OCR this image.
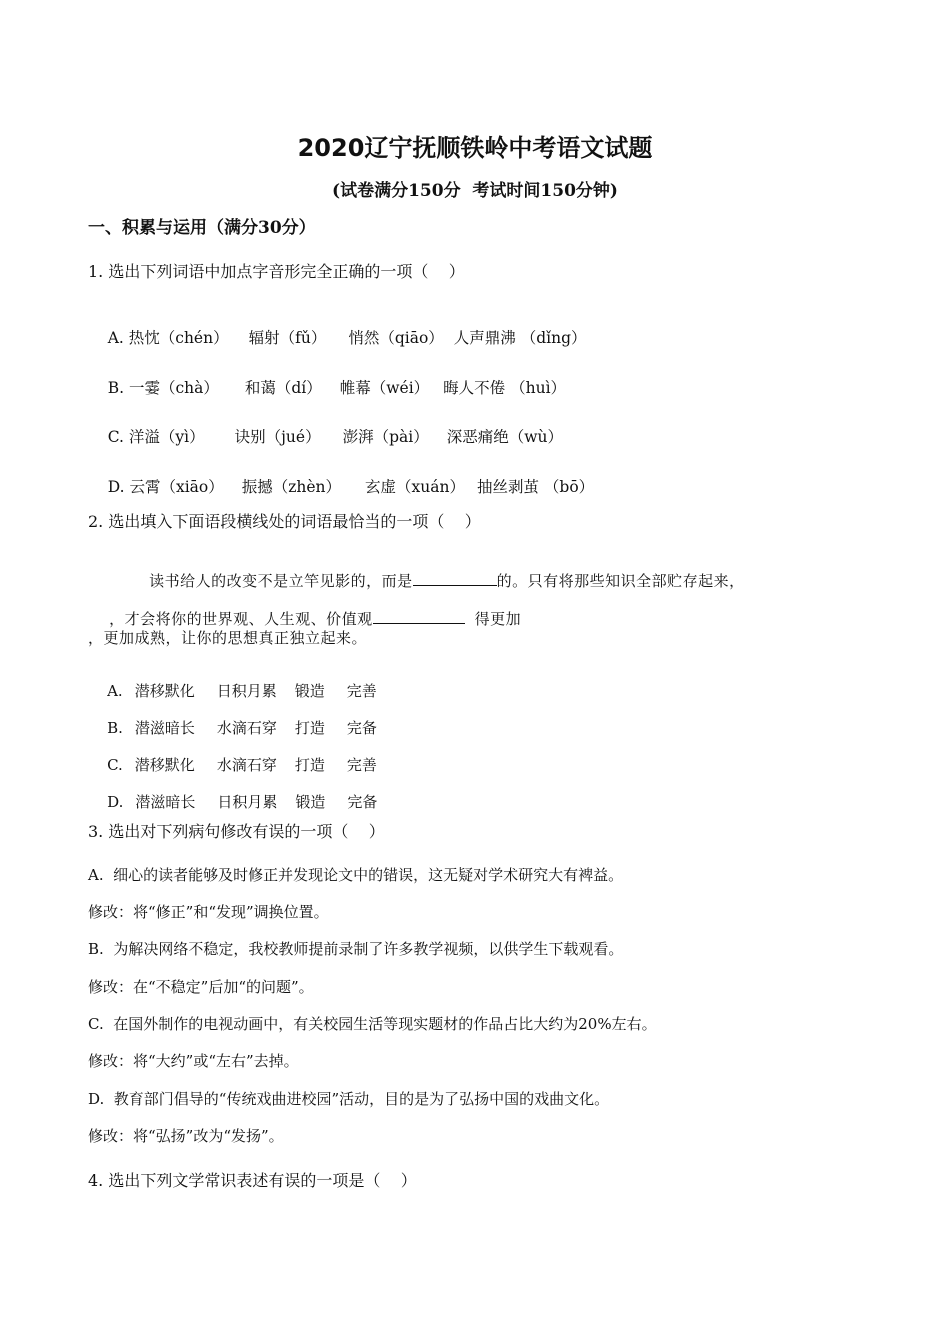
2020辽宁抚顺铁岭中考语文试题
(试卷满分150分  考试时间150分钟)
一、积累与运用（满分30分）
1. 选出下列词语中加点字音形完全正确的一项（    ）

A. 热忱（chén） 辐射（fǔ） 悄然（qiāo） 人声鼎沸 （dǐng）

B. 一霎（chà） 和蔼（dí） 帷幕（wéi） 晦人不倦 （huì）

C. 洋溢（yì） 诀别（jué） 澎湃（pài） 深恶痛绝（wù）

D. 云霄（xiāo） 振撼（zhèn） 玄虚（xuán） 抽丝剥茧 （bō）

2. 选出填入下面语段横线处的词语最恰当的一项（    ）

读书给人的改变不是立竿见影的，而是	的。只有将那些知识全部贮存起来，

，才会将你的世界观、人生观、价值观	得更加

，更加成熟，让你的思想真正独立起来。

A. 潜移默化 日积月累 锻造 完善

B. 潜滋暗长 水滴石穿 打造 完备

C. 潜移默化 水滴石穿 打造 完善

D. 潜滋暗长 日积月累 锻造 完备

3. 选出对下列病句修改有误的一项（    ）
A.  细心的读者能够及时修正并发现论文中的错误，这无疑对学术研究大有裨益。
修改：将“修正”和“发现”调换位置。
B.  为解决网络不稳定，我校教师提前录制了许多教学视频，以供学生下载观看。
修改：在“不稳定”后加“的问题”。
C.  在国外制作的电视动画中，有关校园生活等现实题材的作品占比大约为20%左右。
修改：将“大约”或“左右”去掉。
D.  教育部门倡导的“传统戏曲进校园”活动，目的是为了弘扬中国的戏曲文化。
修改：将“弘扬”改为“发扬”。
4. 选出下列文学常识表述有误的一项是（    ）
